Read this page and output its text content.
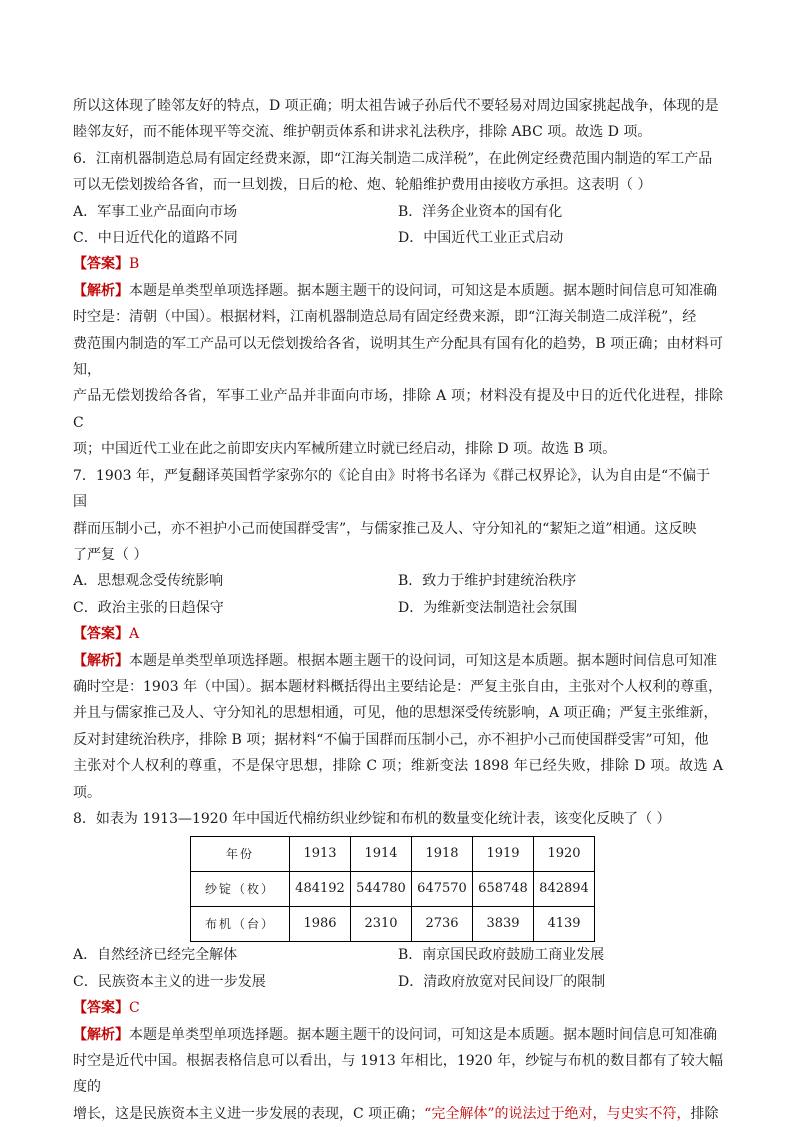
所以这体现了睦邻友好的特点，D 项正确；明太祖告诫子孙后代不要轻易对周边国家挑起战争，体现的是

睦邻友好，而不能体现平等交流、维护朝贡体系和讲求礼法秩序，排除 ABC 项。故选 D 项。

6．江南机器制造总局有固定经费来源，即“江海关制造二成洋税”，在此例定经费范围内制造的军工产品

可以无偿划拨给各省，而一旦划拨，日后的枪、炮、轮船维护费用由接收方承担。这表明（ ）

A．军事工业产品面向市场	B．洋务企业资本的国有化
C．中日近代化的道路不同	D．中国近代工业正式启动

【答案】B

【解析】本题是单类型单项选择题。据本题主题干的设问词，可知这是本质题。据本题时间信息可知准确

时空是：清朝（中国）。根据材料，江南机器制造总局有固定经费来源，即“江海关制造二成洋税”，经

费范围内制造的军工产品可以无偿划拨给各省，说明其生产分配具有国有化的趋势，B 项正确；由材料可知，

产品无偿划拨给各省，军事工业产品并非面向市场，排除 A 项；材料没有提及中日的近代化进程，排除 C

项；中国近代工业在此之前即安庆内军械所建立时就已经启动，排除 D 项。故选 B 项。

7．1903 年，严复翻译英国哲学家弥尔的《论自由》时将书名译为《群己权界论》，认为自由是“不偏于国

群而压制小己，亦不袒护小己而使国群受害”，与儒家推己及人、守分知礼的“絜矩之道”相通。这反映

了严复（ ）

A．思想观念受传统影响	B．致力于维护封建统治秩序
C．政治主张的日趋保守	D．为维新变法制造社会氛围

【答案】A

【解析】本题是单类型单项选择题。根据本题主题干的设问词，可知这是本质题。据本题时间信息可知准

确时空是：1903 年（中国）。据本题材料概括得出主要结论是：严复主张自由，主张对个人权利的尊重，

并且与儒家推己及人、守分知礼的思想相通，可见，他的思想深受传统影响，A 项正确；严复主张维新，

反对封建统治秩序，排除 B 项；据材料“不偏于国群而压制小己，亦不袒护小己而使国群受害”可知，他

主张对个人权利的尊重，不是保守思想，排除 C 项；维新变法 1898 年已经失败，排除 D 项。故选 A 项。

8．如表为 1913—1920 年中国近代棉纺织业纱锭和布机的数量变化统计表，该变化反映了（ ）

年份	1913	1914	1918	1919	1920
纱锭（枚）	484192	544780	647570	658748	842894
布机（台）	1986	2310	2736	3839	4139
A．自然经济已经完全解体	B．南京国民政府鼓励工商业发展
C．民族资本主义的进一步发展	D．清政府放宽对民间设厂的限制

【答案】C

【解析】本题是单类型单项选择题。据本题主题干的设问词，可知这是本质题。据本题时间信息可知准确

时空是近代中国。根据表格信息可以看出，与 1913 年相比，1920 年，纱锭与布机的数目都有了较大幅度的

增长，这是民族资本主义进一步发展的表现，C 项正确；“完全解体”的说法过于绝对，与史实不符，排除
